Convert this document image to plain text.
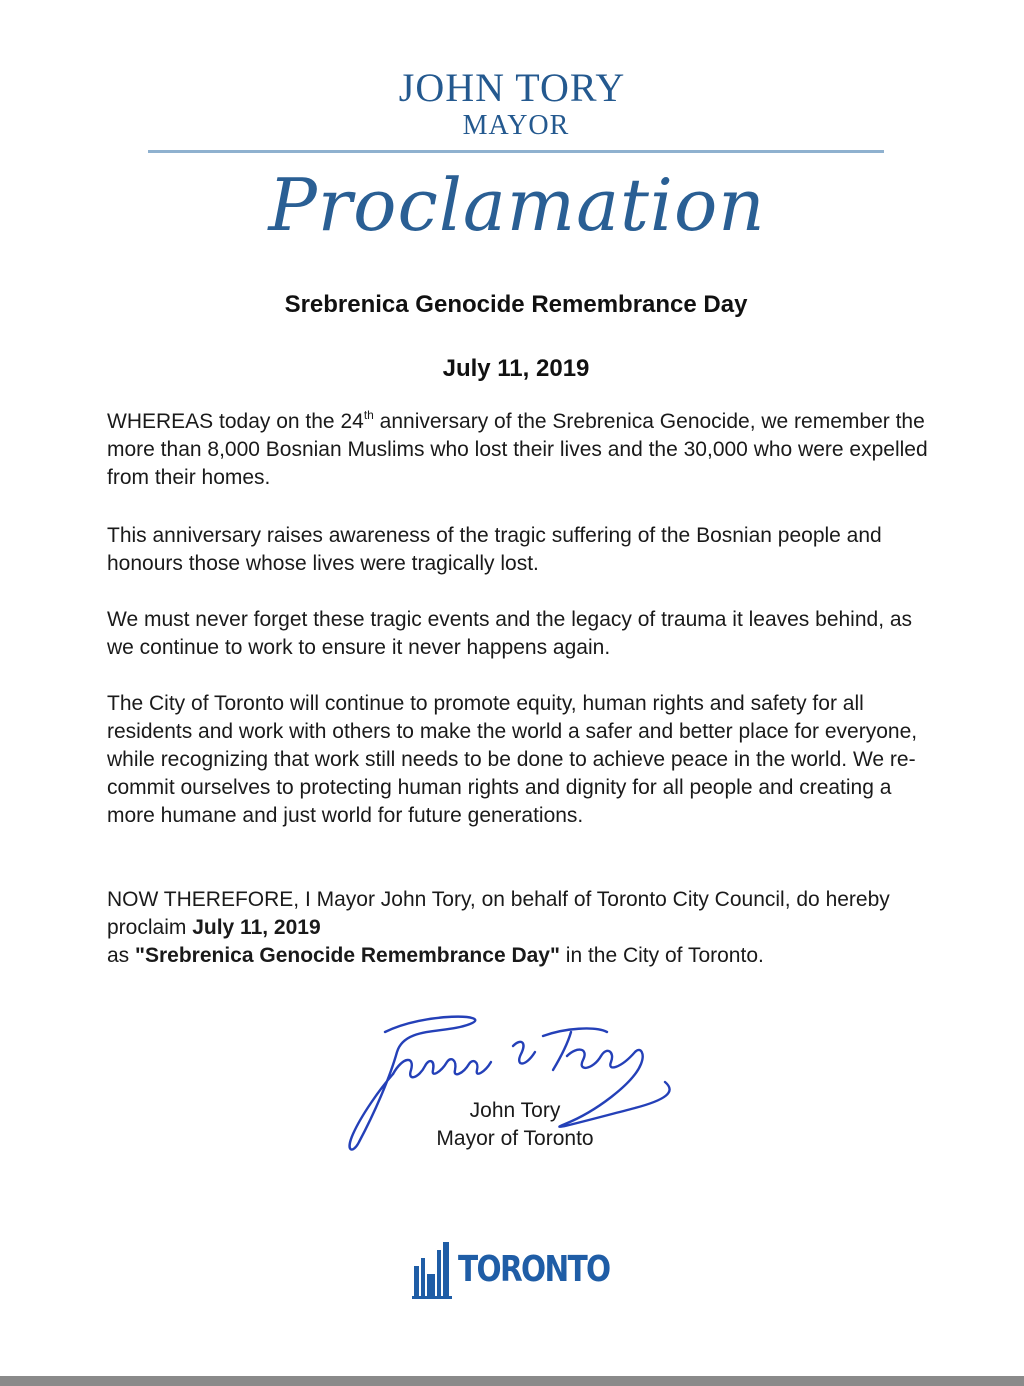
JOHN TORY
MAYOR
Proclamation
Srebrenica Genocide Remembrance Day
July 11, 2019
WHEREAS today on the 24th anniversary of the Srebrenica Genocide, we remember the more than 8,000 Bosnian Muslims who lost their lives and the 30,000 who were expelled from their homes.
This anniversary raises awareness of the tragic suffering of the Bosnian people and honours those whose lives were tragically lost.
We must never forget these tragic events and the legacy of trauma it leaves behind, as we continue to work to ensure it never happens again.
The City of Toronto will continue to promote equity, human rights and safety for all residents and work with others to make the world a safer and better place for everyone, while recognizing that work still needs to be done to achieve peace in the world. We re-commit ourselves to protecting human rights and dignity for all people and creating a more humane and just world for future generations.
NOW THEREFORE, I Mayor John Tory, on behalf of Toronto City Council, do hereby proclaim July 11, 2019
as "Srebrenica Genocide Remembrance Day" in the City of Toronto.
John Tory
Mayor of Toronto
TORONTO
